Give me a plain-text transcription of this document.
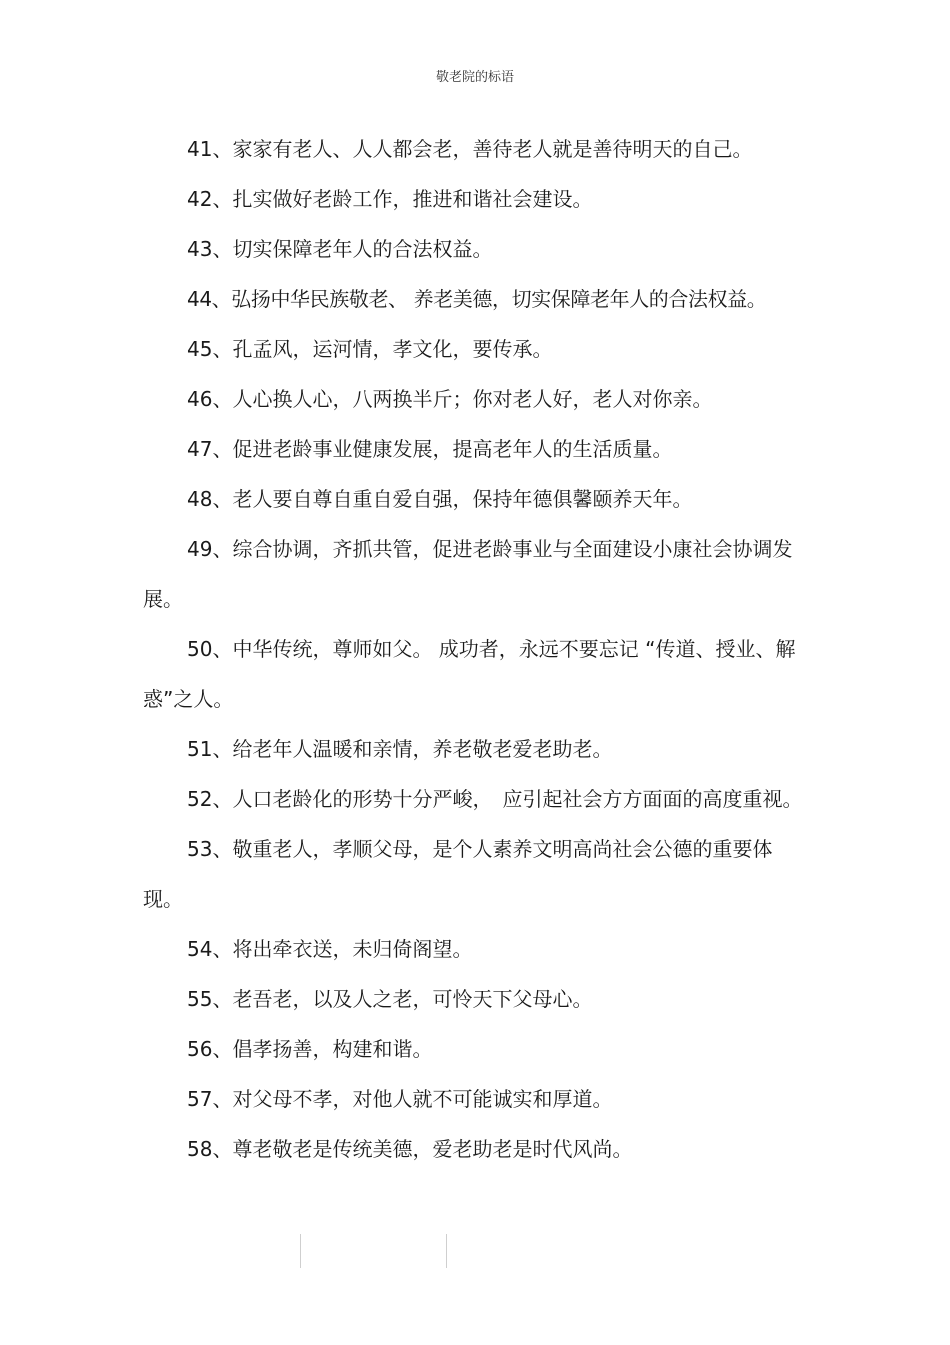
敬老院的标语

41、家家有老人、人人都会老，善待老人就是善待明天的自己。

42、扎实做好老龄工作，推进和谐社会建设。

43、切实保障老年人的合法权益。

44、弘扬中华民族敬老、 养老美德，切实保障老年人的合法权益。

45、孔孟风，运河情，孝文化，要传承。

46、人心换人心，八两换半斤；你对老人好，老人对你亲。

47、促进老龄事业健康发展，提高老年人的生活质量。

48、老人要自尊自重自爱自强，保持年德俱馨颐养天年。

49、综合协调，齐抓共管，促进老龄事业与全面建设小康社会协调发展。

50、中华传统，尊师如父。 成功者，永远不要忘记 “传道、授业、解惑”之人。

51、给老年人温暖和亲情，养老敬老爱老助老。

52、人口老龄化的形势十分严峻，　应引起社会方方面面的高度重视。

53、敬重老人，孝顺父母，是个人素养文明高尚社会公德的重要体现。

54、将出牵衣送，未归倚阁望。

55、老吾老，以及人之老，可怜天下父母心。

56、倡孝扬善，构建和谐。

57、对父母不孝，对他人就不可能诚实和厚道。

58、尊老敬老是传统美德，爱老助老是时代风尚。
